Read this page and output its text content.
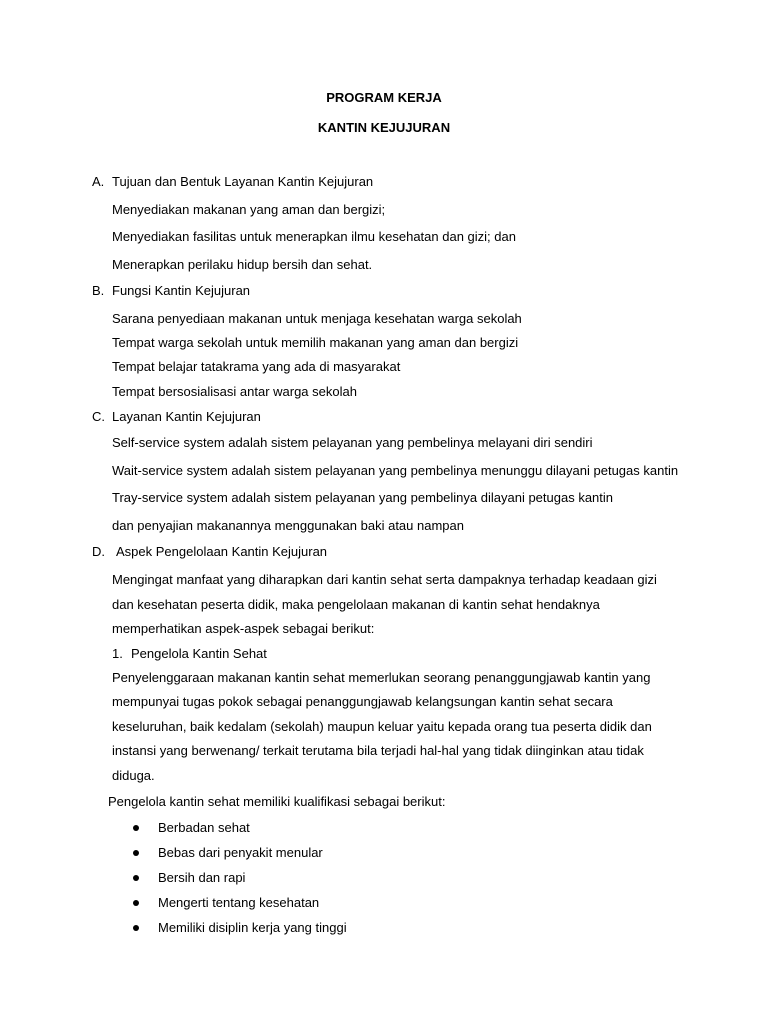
PROGRAM KERJA
KANTIN KEJUJURAN
A. Tujuan dan Bentuk Layanan Kantin Kejujuran
Menyediakan makanan yang aman dan bergizi;
Menyediakan fasilitas untuk menerapkan ilmu kesehatan dan gizi; dan
Menerapkan perilaku hidup bersih dan sehat.
B. Fungsi Kantin Kejujuran
Sarana penyediaan makanan untuk menjaga kesehatan warga sekolah
Tempat warga sekolah untuk memilih makanan yang aman dan bergizi
Tempat belajar tatakrama yang ada di masyarakat
Tempat bersosialisasi antar warga sekolah
C. Layanan Kantin Kejujuran
Self-service system adalah sistem pelayanan yang pembelinya melayani diri sendiri
Wait-service system adalah sistem pelayanan yang pembelinya menunggu dilayani petugas kantin
Tray-service system adalah sistem pelayanan yang pembelinya dilayani petugas kantin
dan penyajian makanannya menggunakan baki atau nampan
D. Aspek Pengelolaan Kantin Kejujuran
Mengingat manfaat yang diharapkan dari kantin sehat serta dampaknya terhadap keadaan gizi
dan kesehatan peserta didik, maka pengelolaan makanan di kantin sehat hendaknya
memperhatikan aspek-aspek sebagai berikut:
1. Pengelola Kantin Sehat
Penyelenggaraan makanan kantin sehat memerlukan seorang penanggungjawab kantin yang
mempunyai tugas pokok sebagai penanggungjawab kelangsungan kantin sehat secara
keseluruhan, baik kedalam (sekolah) maupun keluar yaitu kepada orang tua peserta didik dan
instansi yang berwenang/ terkait terutama bila terjadi hal-hal yang tidak diinginkan atau tidak
diduga.
Pengelola kantin sehat memiliki kualifikasi sebagai berikut:
Berbadan sehat
Bebas dari penyakit menular
Bersih dan rapi
Mengerti tentang kesehatan
Memiliki disiplin kerja yang tinggi
